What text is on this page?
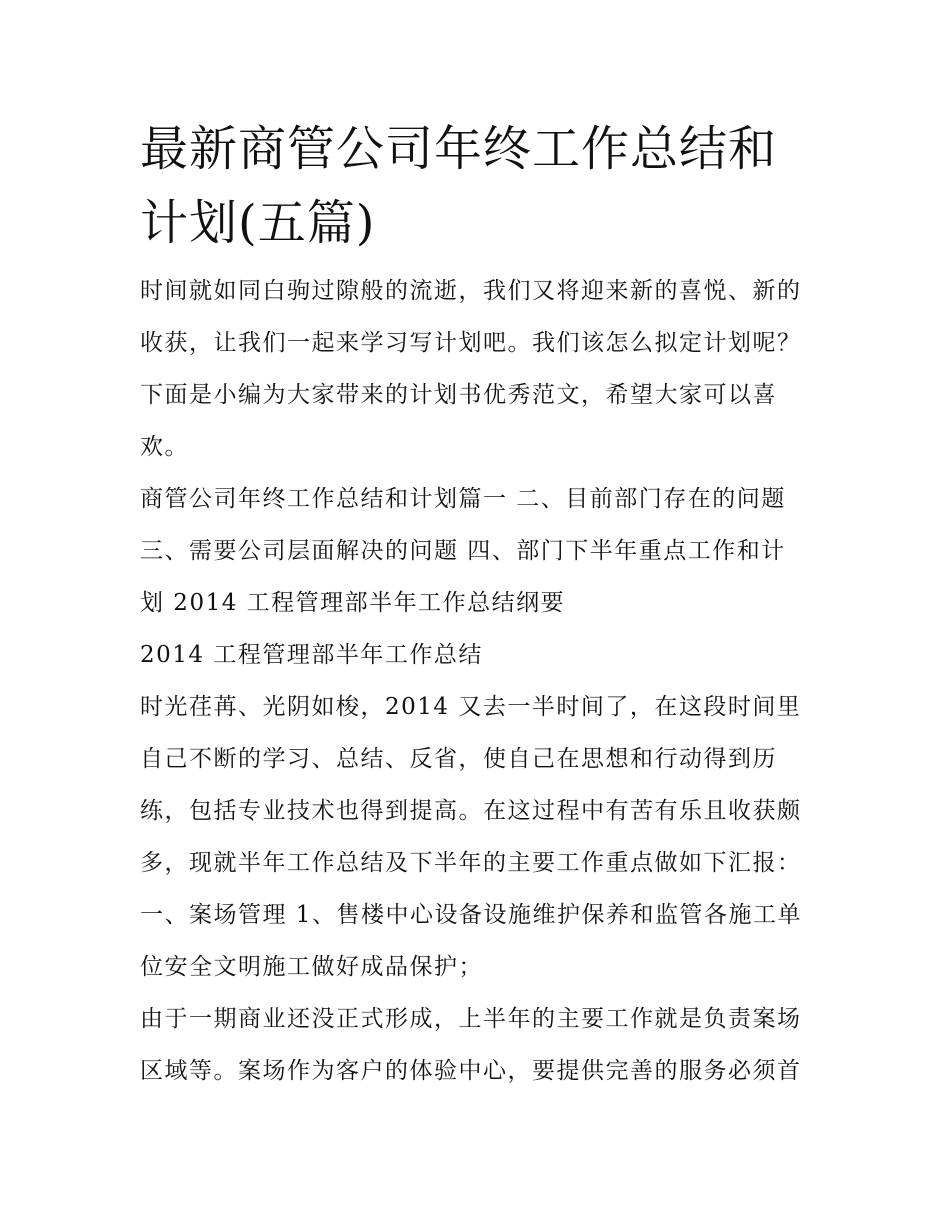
最新商管公司年终工作总结和
计划(五篇)

时间就如同白驹过隙般的流逝，我们又将迎来新的喜悦、新的
收获，让我们一起来学习写计划吧。我们该怎么拟定计划呢？
下面是小编为大家带来的计划书优秀范文，希望大家可以喜
欢。

商管公司年终工作总结和计划篇一 二、目前部门存在的问题
三、需要公司层面解决的问题 四、部门下半年重点工作和计
划 2014 工程管理部半年工作总结纲要

2014 工程管理部半年工作总结

时光荏苒、光阴如梭，2014 又去一半时间了，在这段时间里
自己不断的学习、总结、反省，使自己在思想和行动得到历
练，包括专业技术也得到提高。在这过程中有苦有乐且收获颇
多，现就半年工作总结及下半年的主要工作重点做如下汇报：
一、案场管理 1、售楼中心设备设施维护保养和监管各施工单
位安全文明施工做好成品保护；

由于一期商业还没正式形成，上半年的主要工作就是负责案场
区域等。案场作为客户的体验中心，要提供完善的服务必须首
